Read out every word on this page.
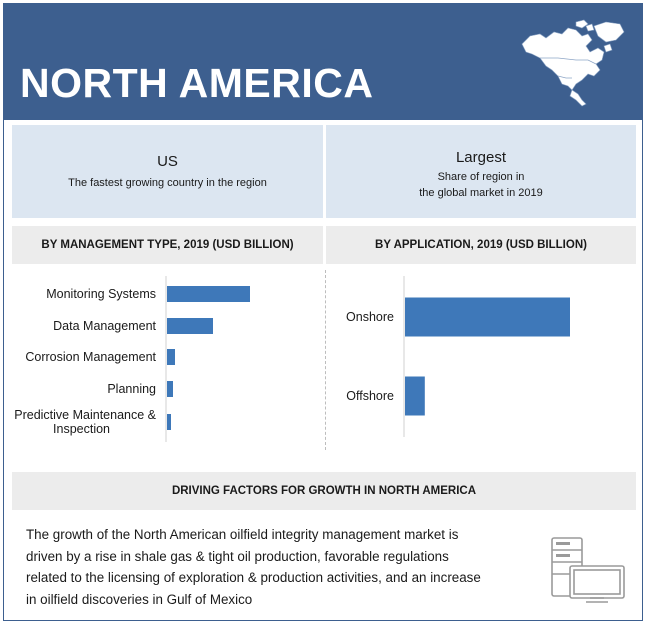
NORTH AMERICA
US
The fastest growing country in the region
Largest
Share of region in
the global market in 2019
BY MANAGEMENT TYPE, 2019 (USD BILLION)	BY APPLICATION, 2019 (USD BILLION)
Monitoring Systems
Data Management
Corrosion Management
Planning
Predictive Maintenance & Inspection
Onshore
Offshore
DRIVING FACTORS FOR GROWTH IN NORTH AMERICA
The growth of the North American oilfield integrity management market is
driven by a rise in shale gas & tight oil production, favorable regulations
related to the licensing of exploration & production activities, and an increase
in oilfield discoveries in Gulf of Mexico
